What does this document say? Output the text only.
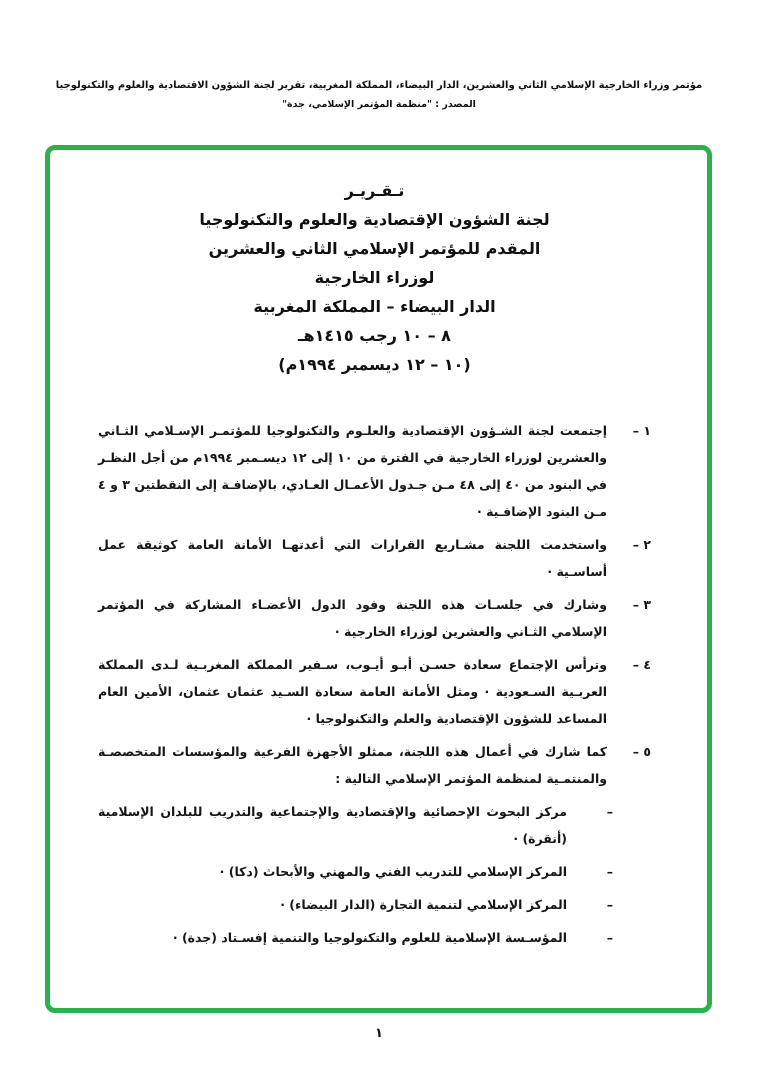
مؤتمر وزراء الخارجية الإسلامي الثاني والعشرين، الدار البيضاء، المملكة المغربية، تقرير لجنة الشؤون الاقتصادية والعلوم والتكنولوجيا
المصدر : "منظمة المؤتمر الإسلامي، جدة"
تـقـريـر
لجنة الشؤون الإقتصادية والعلوم والتكنولوجيا
المقدم للمؤتمر الإسلامي الثاني والعشرين
لوزراء الخارجية
الدار البيضاء – المملكة المغربية
٨ – ١٠ رجب ١٤١٥هـ
(١٠ – ١٢ ديسمبر ١٩٩٤م)
١ –
إجتمعت لجنة الشـؤون الإقتصادية والعلـوم والتكنولوجيا للمؤتمـر الإسـلامي الثـاني والعشرين لوزراء الخارجية في الفترة من ١٠ إلى ١٢ ديسـمبر ١٩٩٤م من أجل النظـر في البنود من ٤٠ إلى ٤٨ مـن جـدول الأعمـال العـادي، بالإضافـة إلى النقطتين ٣ و ٤ مـن البنود الإضافـية ·
٢ –
واستخدمت اللجنة مشـاريع القرارات التي أعدتهـا الأمانة العامة كوثيقة عمل أساسـية ·
٣ –
وشارك في جلسـات هذه اللجنة وفود الدول الأعضـاء المشاركة في المؤتمر الإسلامي الثـاني والعشرين لوزراء الخارجية ·
٤ –
وترأس الإجتماع سعادة حسـن أبـو أيـوب، سـفير المملكة المغربـية لـدى المملكة العربـية السـعودية · ومثل الأمانة العامة سعادة السـيد عثمان عثمان، الأمين العام المساعد للشؤون الإقتصادية والعلم والتكنولوجيا ·
٥ –
كما شارك في أعمال هذه اللجنة، ممثلو الأجهزة الفرعية والمؤسسات المتخصصـة والمنتمـية لمنظمة المؤتمر الإسلامي التالية :
–
مركز البحوث الإحصائية والإقتصادية والإجتماعية والتدريب للبلدان الإسلامية (أنقرة) ·
–
المركز الإسلامي للتدريب الفني والمهني والأبحاث (دكا) ·
–
المركز الإسلامي لتنمية التجارة (الدار البيضاء) ·
–
المؤسـسة الإسلامية للعلوم والتكنولوجيا والتنمية إفسـتاد (جدة) ·
١
